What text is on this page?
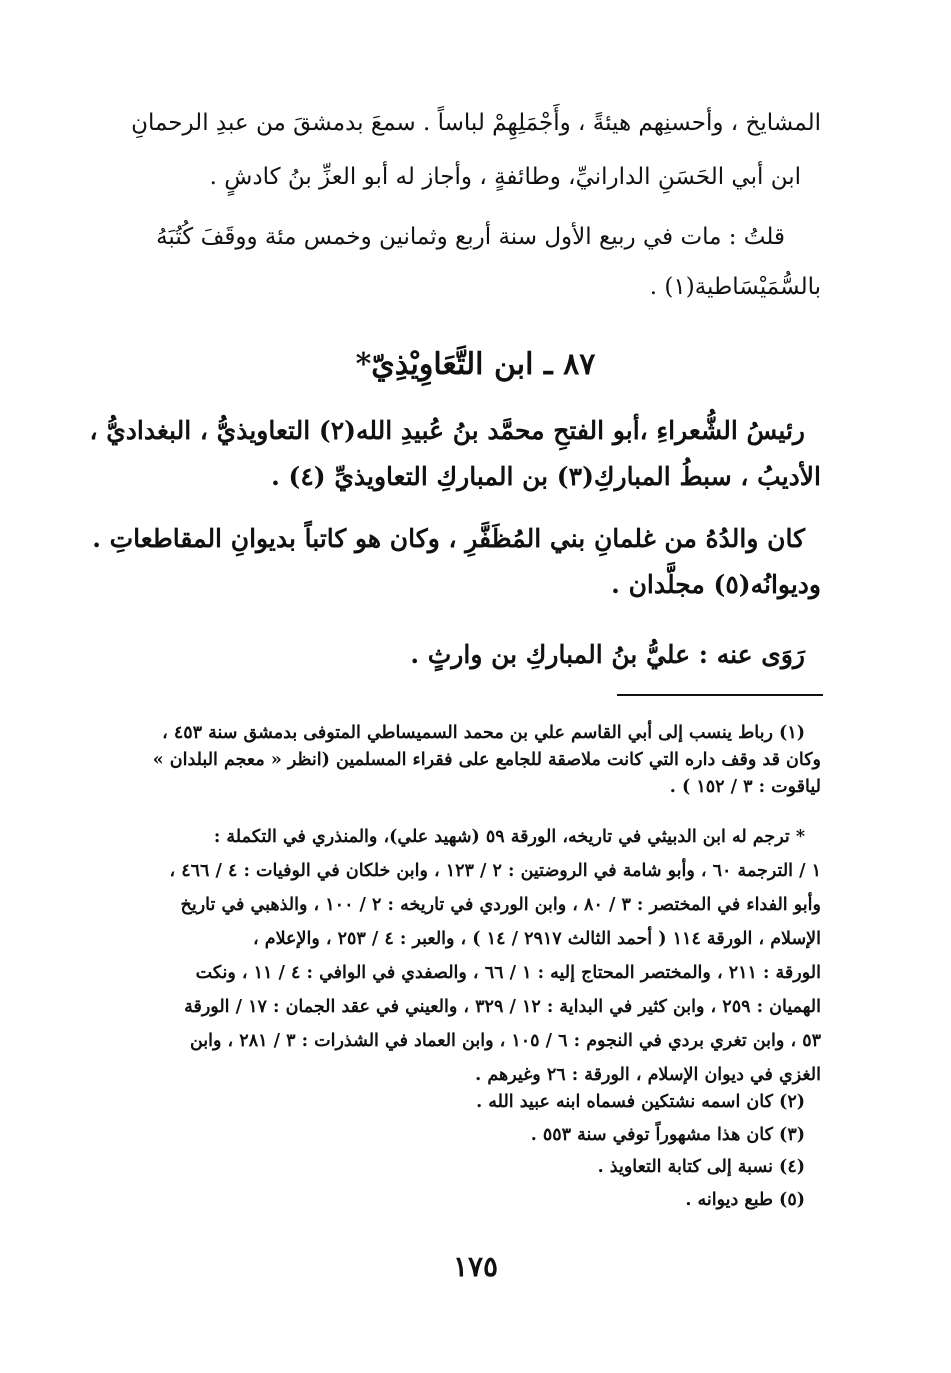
المشايخ ، وأحسنِهم هيئةً ، وأَجْمَلِهِمْ لباساً . سمعَ بدمشقَ من عبدِ الرحمانِ
ابن أبي الحَسَنِ الدارانيِّ، وطائفةٍ ، وأجاز له أبو العزِّ بنُ كادشٍ .
قلتُ : مات في ربيع الأول سنة أربع وثمانين وخمس مئة ووقَفَ كُتُبَهُ
بالسُّمَيْسَاطية(١) .
٨٧ ـ ابن التَّعَاوِيْذِيّ*
رئيسُ الشُّعراءِ ،أبو الفتحِ محمَّد بنُ عُبيدِ الله(٢) التعاويذيُّ ، البغداديُّ ،
الأديبُ ، سبطُ المباركِ(٣) بن المباركِ التعاويذيِّ (٤) .
كان والدُهُ من غلمانِ بني المُظَفَّرِ ، وكان هو كاتباً بديوانِ المقاطعاتِ .
وديوانُه(٥) مجلَّدان .
رَوَى عنه : عليُّ بنُ المباركِ بن وارثٍ .
(١) رباط ينسب إلى أبي القاسم علي بن محمد السميساطي المتوفى بدمشق سنة ٤٥٣ ،
وكان قد وقف داره التي كانت ملاصقة للجامع على فقراء المسلمين (انظر « معجم البلدان »
لياقوت : ٣ / ١٥٢ ) .
* ترجم له ابن الدبيثي في تاريخه، الورقة ٥٩ (شهيد علي)، والمنذري في التكملة :
١ / الترجمة ٦٠ ، وأبو شامة في الروضتين : ٢ / ١٢٣ ، وابن خلكان في الوفيات : ٤ / ٤٦٦ ،
وأبو الفداء في المختصر : ٣ / ٨٠ ، وابن الوردي في تاريخه : ٢ / ١٠٠ ، والذهبي في تاريخ
الإسلام ، الورقة ١١٤ ( أحمد الثالث ٢٩١٧ / ١٤ ) ، والعبر : ٤ / ٢٥٣ ، والإعلام ،
الورقة : ٢١١ ، والمختصر المحتاج إليه : ١ / ٦٦ ، والصفدي في الوافي : ٤ / ١١ ، ونكت
الهميان : ٢٥٩ ، وابن كثير في البداية : ١٢ / ٣٢٩ ، والعيني في عقد الجمان : ١٧ / الورقة
٥٣ ، وابن تغري بردي في النجوم : ٦ / ١٠٥ ، وابن العماد في الشذرات : ٣ / ٢٨١ ، وابن
الغزي في ديوان الإسلام ، الورقة : ٢٦ وغيرهم .
(٢) كان اسمه نشتكين فسماه ابنه عبيد الله .
(٣) كان هذا مشهوراً توفي سنة ٥٥٣ .
(٤) نسبة إلى كتابة التعاويذ .
(٥) طبع ديوانه .
١٧٥
